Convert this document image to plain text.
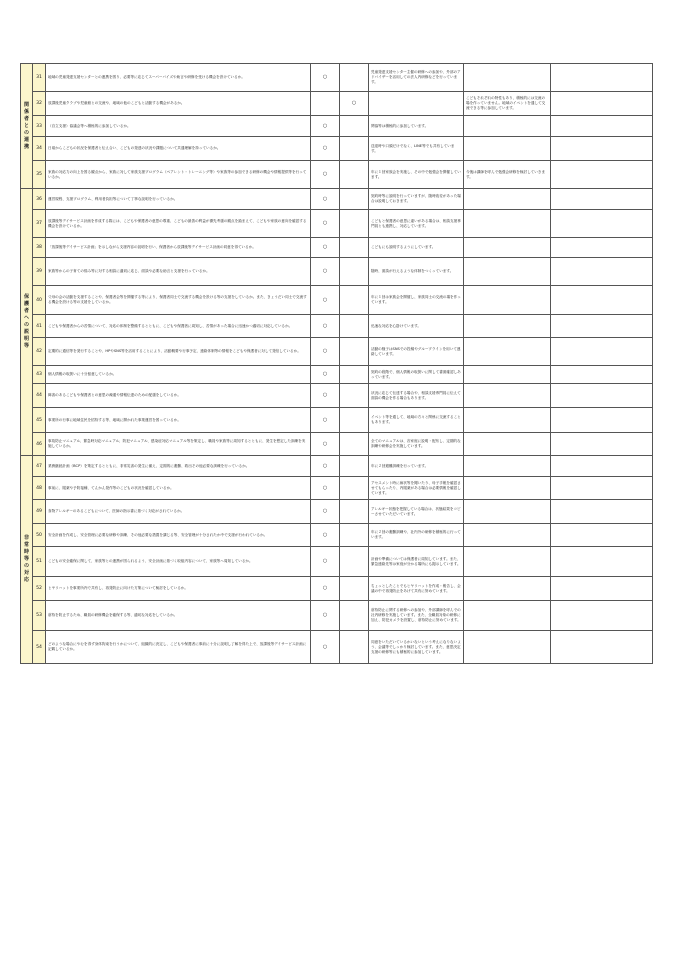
関係者との連携	31	地域の児童発達支援センターとの連携を図り、必要等に応じてスーパーバイズや助言や研修を受ける機会を設けているか。	○		児童発達支援センター主催の研修への参加や、外部のアドバイザーを活用しての法人内研修などを行っています。		
	32	放課後児童クラブや児童館との交流や、地域の他のこどもと活動する機会があるか。		○		こどもそれぞれの特性もあり、積極的には交流の場を作っていません。地域のイベントを通して交流できる等に参加しています。	
	33	（自立支援）協議会等へ積極的に参加しているか。	○		関協等は積極的に参加しています。		
	34	日頃からこどもの状況を保護者と伝え合い、こどもの発達の状況や課題について共通理解を持っているか。	○		送迎時や口頭だけでなく、LINE等でも共有しています。		
	35	家族の対応力の向上を図る観点から、家族に対して家族支援プログラム（ペアレント・トレーニング等）や家族等の参加できる研修の機会や情報提供等を行っているか。	○		年に１回家族会を実施し、その中で勉強会を開催しています。	今後は講師を呼んで勉強会研修を検討していきます。	
保護者への説明等	36	運営規程、支援プログラム、利用者負担等について丁寧な説明を行っているか。	○		契約時等に説明を行っていますが、随時改変があった場合は説明しておきます。		
	37	放課後等デイサービス計画を作成する際には、こどもや保護者の意思の尊重、こどもの最善の利益が優先考慮の観点を踏まえて、こどもや家族の意向を確認する機会を設けているか。	○		こどもと保護者の意思に違いがある場合は、相談支援専門員とも連携し、対応しています。		
	38	「放課後等デイサービス計画」を示しながら支援内容の説明を行い、保護者から放課後等デイサービス計画の同意を得ているか。	○		こどもにも説明するようにしています。		
	39	家族等からの子育ての悩み等に対する相談に適切に応じ、面談や必要な助言と支援を行っているか。	○		随時、面談が行えるような体制をつくっています。		
	40	父母の会の活動を支援することや、保護者会等を開催する等により、保護者同士で交流する機会を設ける等の支援をしているか。また、きょうだい同士で交流する機会を設ける等の支援をしているか。	○		年に１回は家族会を開催し、家族同士の交流の場を作っています。		
	41	こどもや保護者からの苦情について、対応の体制を整備するとともに、こどもや保護者に周知し、苦情があった場合に迅速かつ適切に対応しているか。	○		迅速な対応を心掛けています。		
	42	定期的に通信等を発行することや、HPやSNS等を活用することにより、活動概要や行事予定、連絡体制等の情報をこどもや保護者に対して発信しているか。	○		活動の様子はSNSでの投稿やグループラインを用いて連絡しています。		
	43	個人情報の取扱いに十分留意しているか。	○		契約の段階で、個人情報の取扱いに関して書面確認しあっています。		
	44	障害のあるこどもや保護者との意思の疎通や情報伝達のための配慮をしているか。	○		状況に応じて伝達する場合や、相談支援専門員に伝えて面談の機会を作る場合もあります。		
	45	事業所の行事に地域住民を招待する等、地域に開かれた事業運営を図っているか。	○		イベント等を通して、地域の方々と関係に交流することもあります。		
	46	事故防止マニュアル、緊急時対応マニュアル、防犯マニュアル、感染症対応マニュアル等を策定し、職員や家族等に周知するとともに、発生を想定した訓練を実施しているか。	○		全てのマニュアルは、各家庭に説明・配布し、定期的な訓練や研修会を実施しています。		
非常時等の対応	47	業務継続計画（BCP）を策定するとともに、非常災害の発生に備え、定期的に避難、救出その他必要な訓練を行っているか。	○		年に２回避難訓練を行っています。		
	48	事前に、服薬や予防接種、てんかん発作等のこどもの状況を確認しているか。	○		アセスメント時に病状等を聞いたり、母子手帳を確認させてもらったり、内服薬がある場合は必要情報を確認しています。		
	49	食物アレルギーのあるこどもについて、医師の指示書に基づく対応がされているか。	○		アレルギー状態を把握している場合は、状態結果をコピーさせていただいています。		
	50	安全計画を作成し、安全管理に必要な研修や訓練、その他必要な措置を講じる等、安全管理が十分されたか中で支援が行われているか。	○		年に２回の避難訓練や、社内外の研修を積極的に行っています。		
	51	こどもの安全確保に関して、家族等との連携が図られるよう、安全計画に基づく取組内容について、家族等へ周知しているか。	○		計画や準備については保護者に周知しています。また、緊急連絡先等は家庭が分かる場所にも掲示しています。		
	52	ヒヤリハットを事業所内で共有し、再発防止に向けた方策について検討をしているか。	○		ちょっとしたことでもヒヤリハットを作成・報告し、会議の中で再発防止をあげて共有に努めています。		
	53	虐待を防止するため、職員の研修機会を確保する等、適切な対応をしているか。	○		虐待防止に関する研修への参加や、外部講師を呼んでの社内研修を実施しています。また、全職員対象の研修に加え、防犯カメラを設置し、虐待防止に努めています。		
	54	どのような場合にやむを得ず身体拘束を行うかについて、組織的に決定し、こどもや保護者に事前に十分に説明し了解を得た上で、放課後等デイサービス計画に記載しているか。	○		同意をいただいているかいないという考えになりないよう、会議等でしっかり検討しています。また、意思決定支援の研修等にも積極的に参加しています。		
